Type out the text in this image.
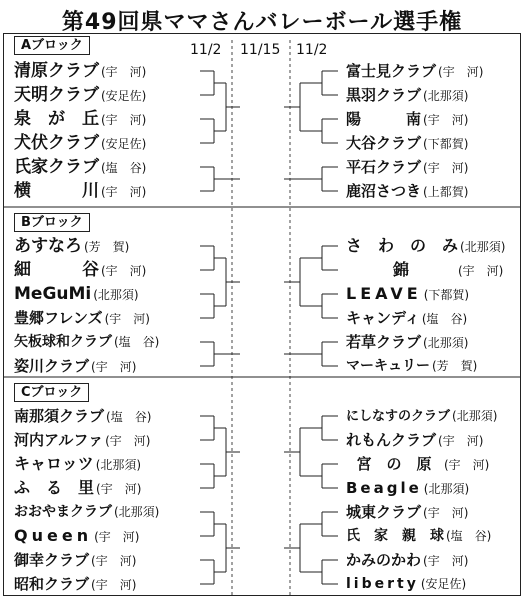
第49回県ママさんバレーボール選手権
11/2 11/15 11/2
Aブロック
Bブロック
Cブロック
清原クラブ (宇　河)
天明クラブ (安足佐)
泉　が　丘 (宇　河)
犬伏クラブ (安足佐)
氏家クラブ (塩　谷)
横　　　川 (宇　河)
富士見クラブ (宇　河)
黒羽クラブ (北那須)
陽　　　南 (宇　河)
大谷クラブ (下都賀)
平石クラブ (宇　河)
鹿沼さつき (上都賀)
あすなろ (芳　賀)
細　　　谷 (宇　河)
MeGuMi (北那須)
豊郷フレンズ (宇　河)
矢板球和クラブ (塩　谷)
姿川クラブ (宇　河)
さ　わ　の　み (北那須)
錦	(宇　河)
LEAVE (下都賀)
キャンディ (塩　谷)
若草クラブ (北那須)
マーキュリー (芳　賀)
南那須クラブ (塩　谷)
河内アルファ (宇　河)
キャロッツ (北那須)
ふ　る　里 (宇　河)
おおやまクラブ (北那須)
Queen (宇　河)
御幸クラブ (宇　河)
昭和クラブ (宇　河)
にしなすのクラブ (北那須)
れもんクラブ (宇　河)
宮　の　原 (宇　河)
Beagle (北那須)
城東クラブ (宇　河)
氏　家　親　球 (塩　谷)
かみのかわ (宇　河)
liberty (安足佐)
